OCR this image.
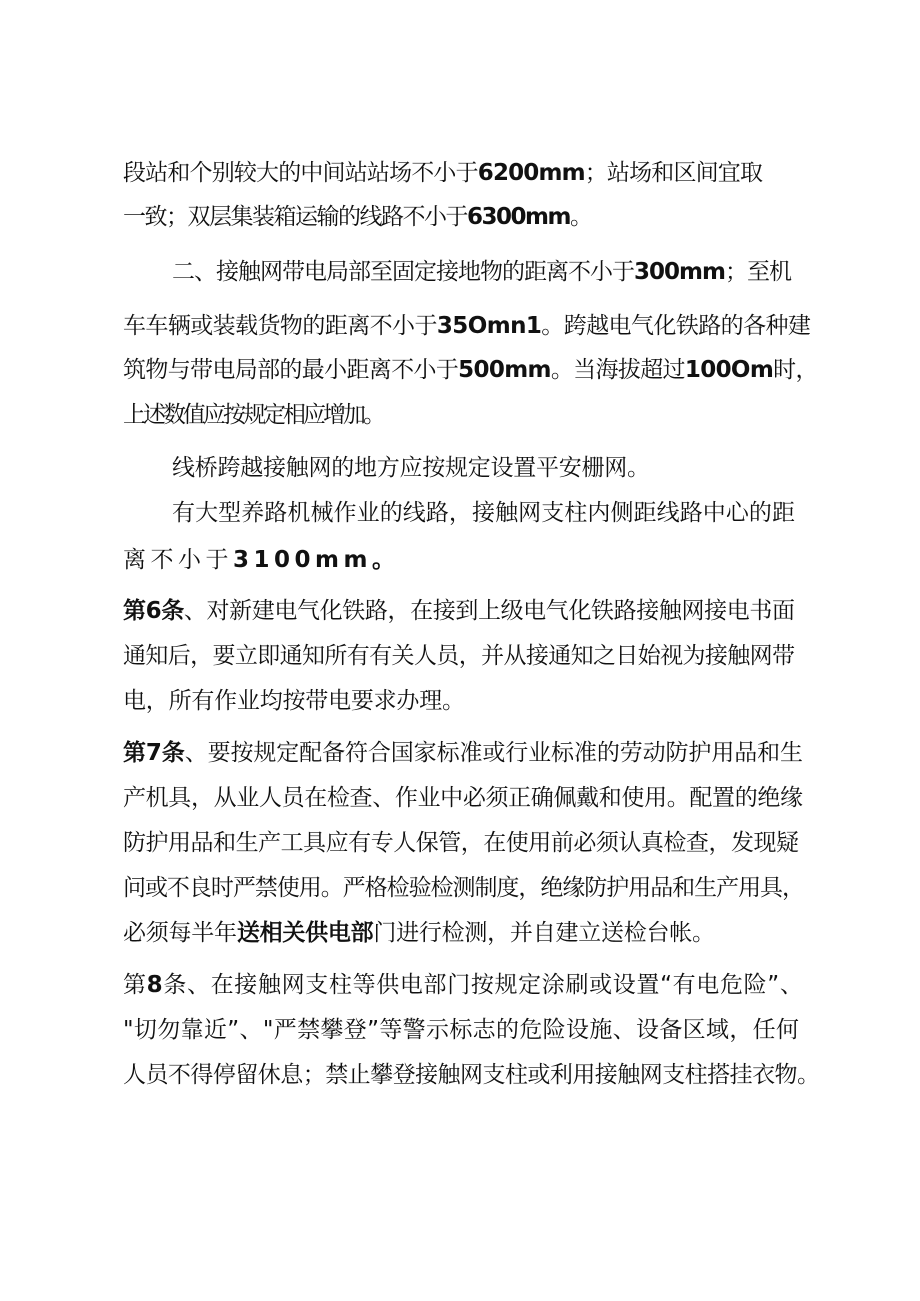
段站和个别较大的中间站站场不小于6200mm；站场和区间宜取
一致；双层集装箱运输的线路不小于6300mm。
二、接触网带电局部至固定接地物的距离不小于300mm；至机
车车辆或装载货物的距离不小于35Omn1。跨越电气化铁路的各种建
筑物与带电局部的最小距离不小于500mm。当海拔超过100Om时，
上述数值应按规定相应增加。
线桥跨越接触网的地方应按规定设置平安栅网。
有大型养路机械作业的线路，接触网支柱内侧距线路中心的距
离不小于3100mm。
第6条、对新建电气化铁路，在接到上级电气化铁路接触网接电书面
通知后，要立即通知所有有关人员，并从接通知之日始视为接触网带
电，所有作业均按带电要求办理。
第7条、要按规定配备符合国家标准或行业标准的劳动防护用品和生
产机具，从业人员在检查、作业中必须正确佩戴和使用。配置的绝缘
防护用品和生产工具应有专人保管，在使用前必须认真检查，发现疑
问或不良时严禁使用。严格检验检测制度，绝缘防护用品和生产用具，
必须每半年送相关供电部门进行检测，并自建立送检台帐。
第8条、在接触网支柱等供电部门按规定涂刷或设置“有电危险”、
"切勿靠近”、"严禁攀登”等警示标志的危险设施、设备区域，任何
人员不得停留休息；禁止攀登接触网支柱或利用接触网支柱搭挂衣物。
